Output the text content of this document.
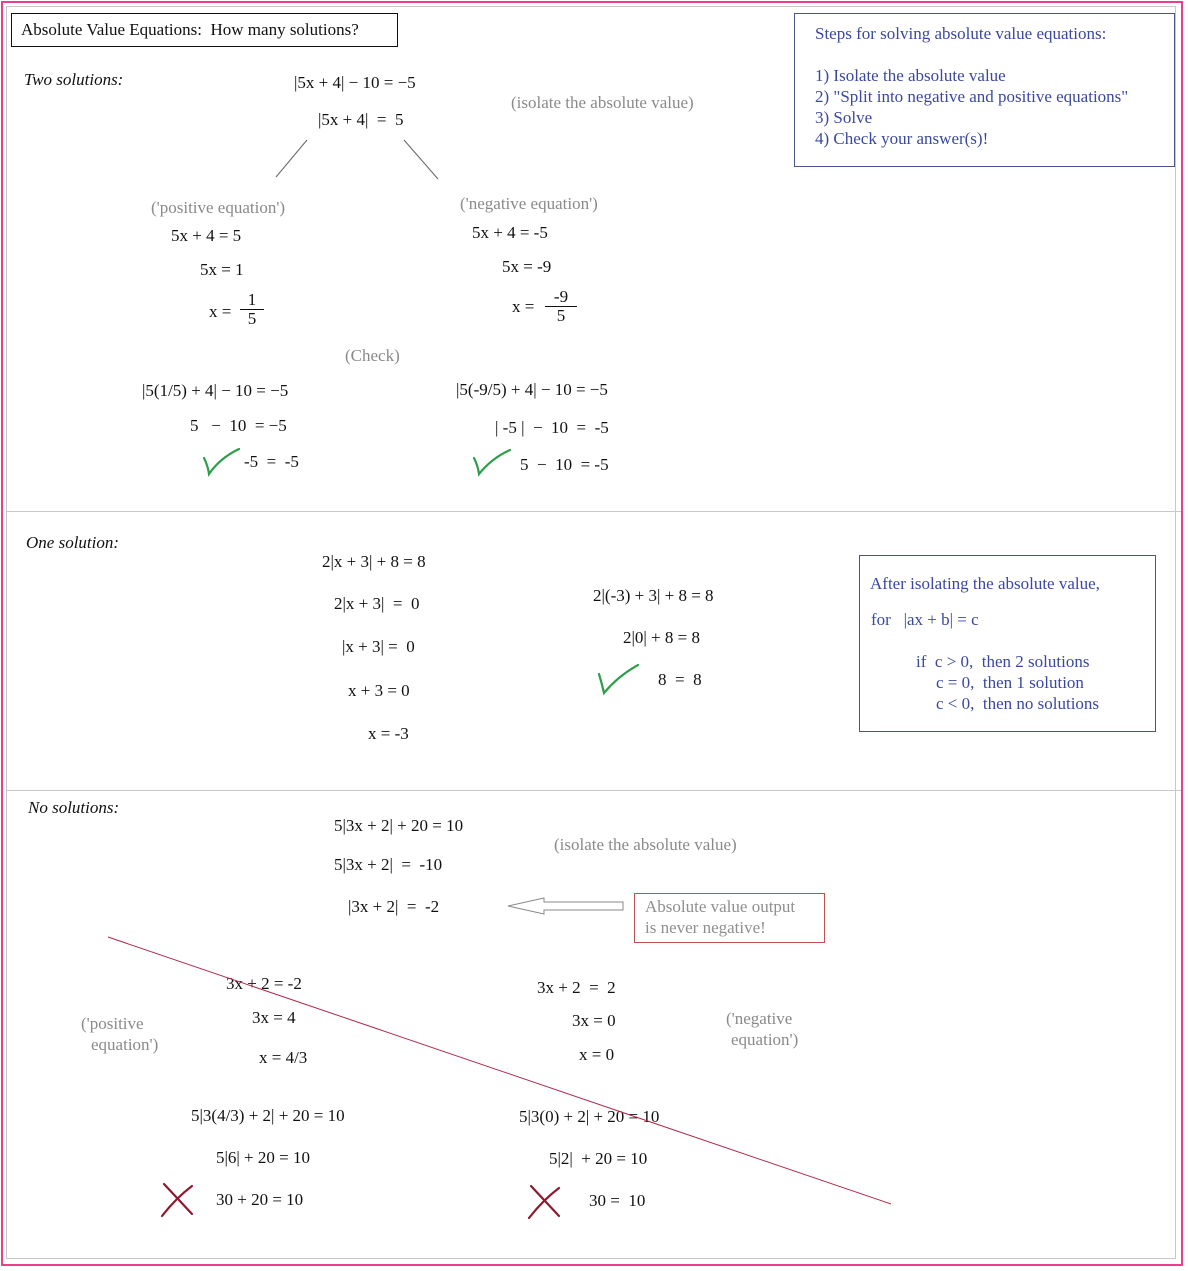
Absolute Value Equations:  How many solutions?	Steps for solving absolute value equations:
1) Isolate the absolute value
2) "Split into negative and positive equations"
3) Solve
4) Check your answer(s)!
Two solutions:	|5x + 4| − 10 = −5
|5x + 4|  =  5
(isolate the absolute value)
('positive equation')
5x + 4 = 5
5x = 1
$x = \frac{1}{5}$
('negative equation')
5x + 4 = -5
5x = -9
$x = \frac{-9}{5}$
(Check)
|5(1/5) + 4| − 10 = −5
5   −  10  = −5
-5  =  -5
|5(-9/5) + 4| − 10 = −5
| -5 |  −  10  =  -5
5  −  10  = -5
One solution:
2|x + 3| + 8 = 8
2|x + 3|  =  0
|x + 3| =  0
x + 3 = 0
x = -3
2|(-3) + 3| + 8 = 8
2|0| + 8 = 8
8  =  8
After isolating the absolute value,
for   |ax + b| = c
if  c > 0,  then 2 solutions
c = 0,  then 1 solution
c < 0,  then no solutions
No solutions:
5|3x + 2| + 20 = 10
5|3x + 2|  =  -10
|3x + 2|  =  -2
(isolate the absolute value)
Absolute value output
is never negative!
('positive
equation')
('negative
equation')
3x + 2 = -2
3x = 4
x = 4/3
3x + 2  =  2
3x = 0
x = 0
5|3(4/3) + 2| + 20 = 10
5|6| + 20 = 10
30 + 20 = 10
5|3(0) + 2| + 20 = 10
5|2|  + 20 = 10
30 =  10
